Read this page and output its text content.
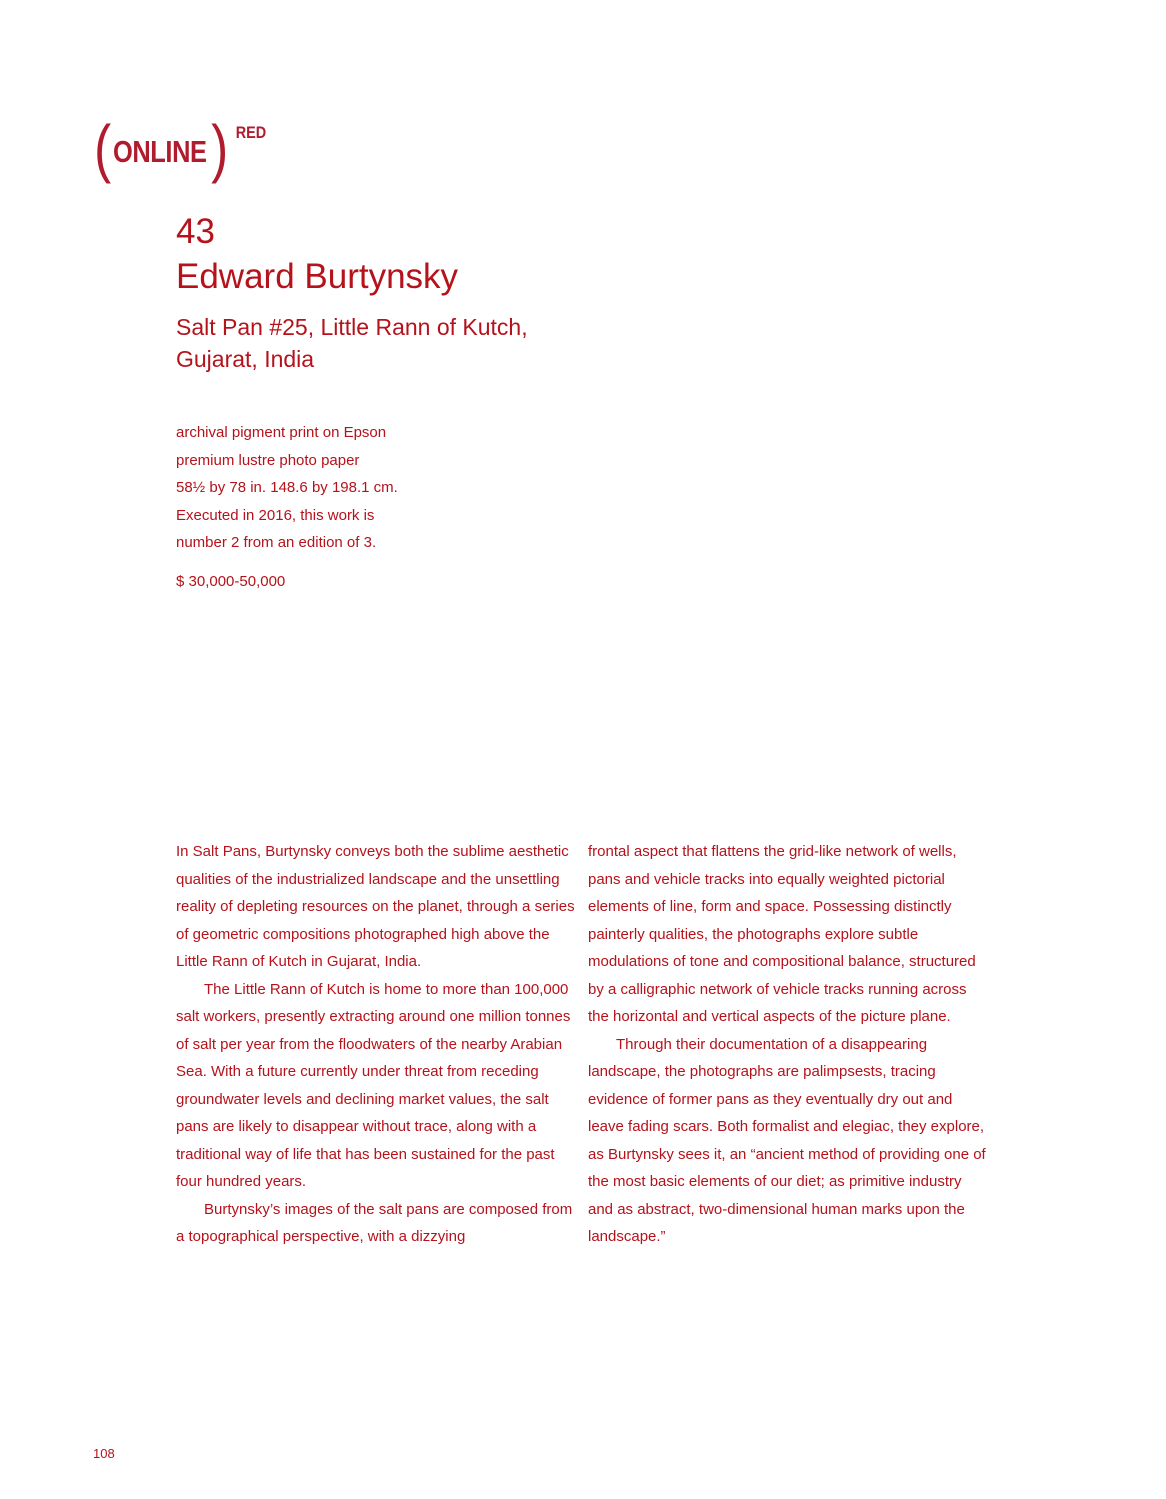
( ONLINE ) RED
43
Edward Burtynsky
Salt Pan #25, Little Rann of Kutch,
Gujarat, India
archival pigment print on Epson
premium lustre photo paper
58½ by 78 in. 148.6 by 198.1 cm.
Executed in 2016, this work is
number 2 from an edition of 3.
$ 30,000-50,000

In Salt Pans, Burtynsky conveys both the sublime aesthetic qualities of the industrialized landscape and the unsettling reality of depleting resources on the planet, through a series of geometric compositions photographed high above the Little Rann of Kutch in Gujarat, India.

The Little Rann of Kutch is home to more than 100,000 salt workers, presently extracting around one million tonnes of salt per year from the floodwaters of the nearby Arabian Sea. With a future currently under threat from receding groundwater levels and declining market values, the salt pans are likely to disappear without trace, along with a traditional way of life that has been sustained for the past four hundred years.

Burtynsky’s images of the salt pans are composed from a topographical perspective, with a dizzying

frontal aspect that flattens the grid-like network of wells, pans and vehicle tracks into equally weighted pictorial elements of line, form and space. Possessing distinctly painterly qualities, the photographs explore subtle modulations of tone and compositional balance, structured by a calligraphic network of vehicle tracks running across the horizontal and vertical aspects of the picture plane.

Through their documentation of a disappearing landscape, the photographs are palimpsests, tracing evidence of former pans as they eventually dry out and leave fading scars. Both formalist and elegiac, they explore, as Burtynsky sees it, an “ancient method of providing one of the most basic elements of our diet; as primitive industry and as abstract, two-dimensional human marks upon the landscape.”

108
